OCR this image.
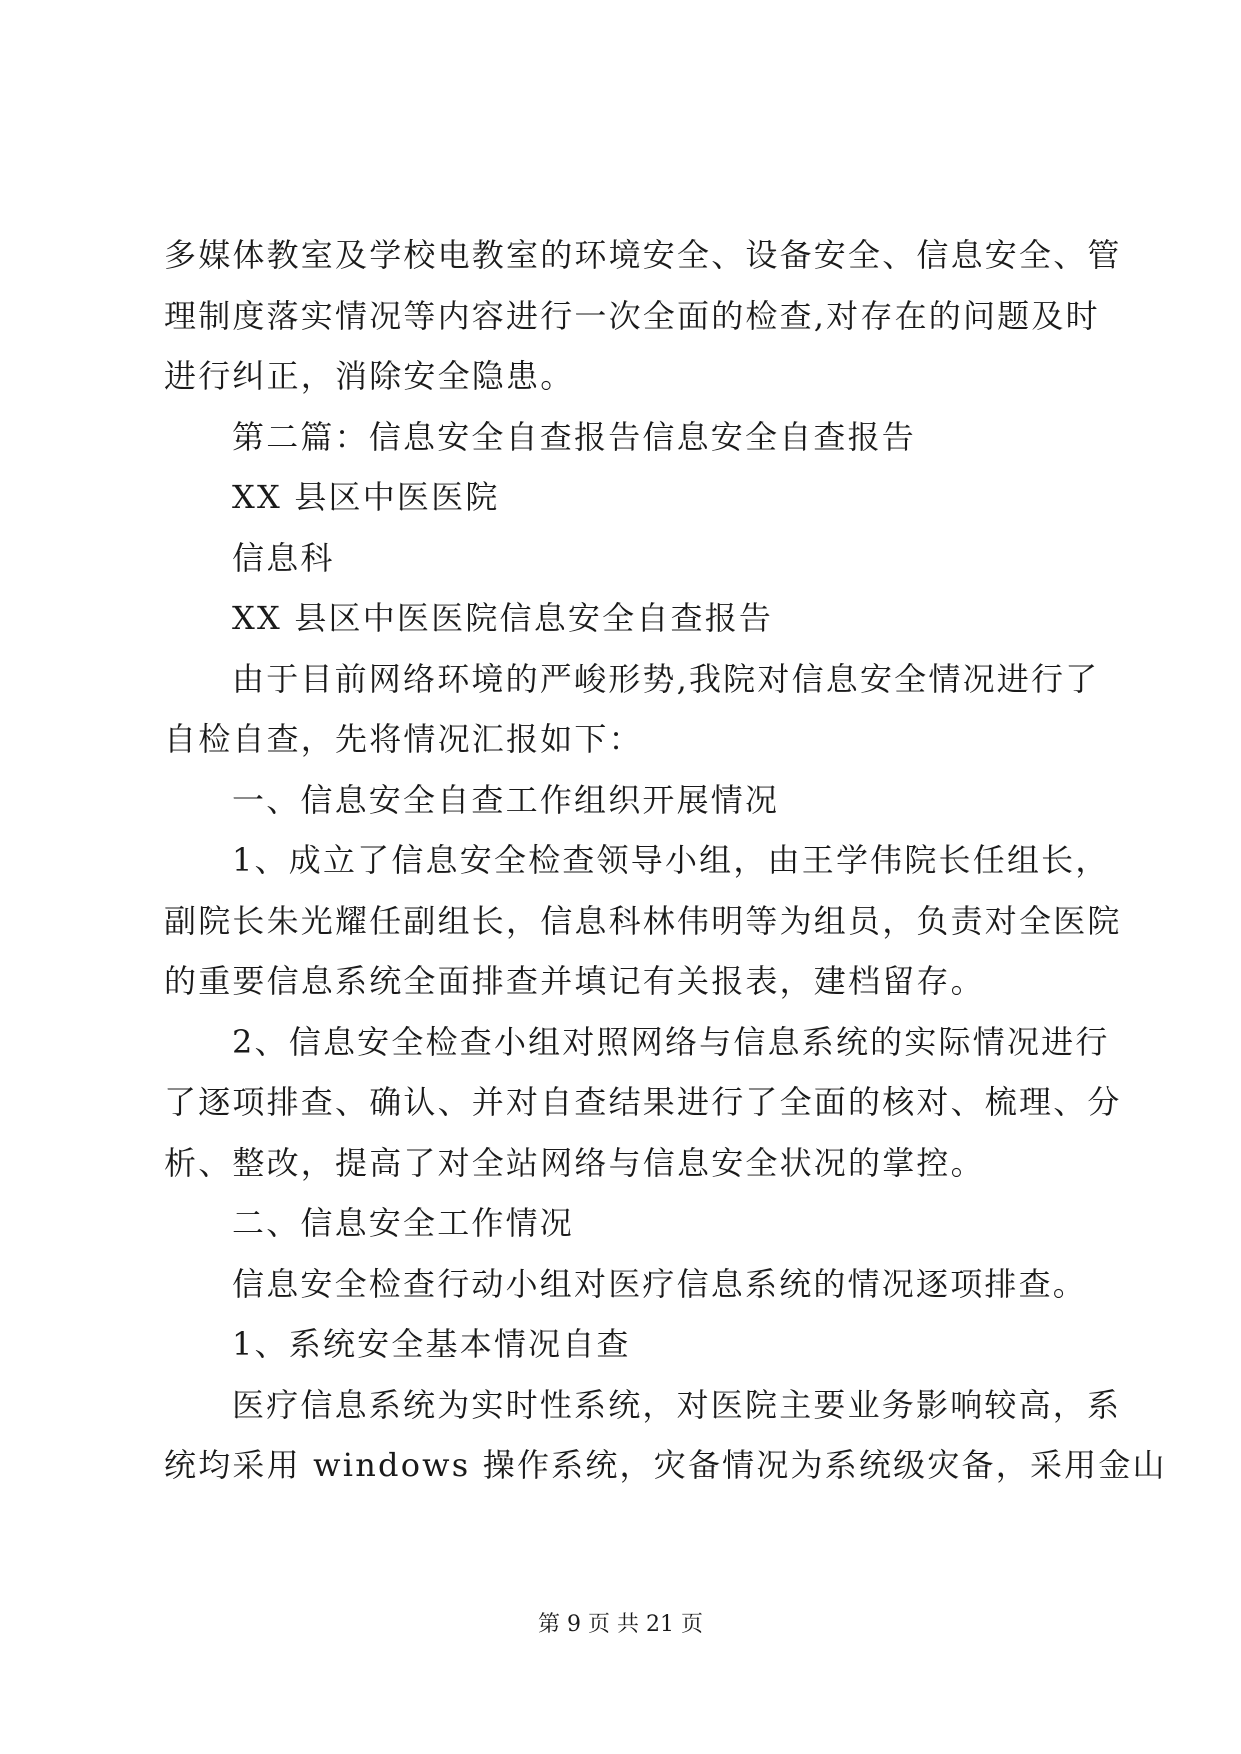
多媒体教室及学校电教室的环境安全、设备安全、信息安全、管
理制度落实情况等内容进行一次全面的检查,对存在的问题及时
进行纠正，消除安全隐患。
第二篇：信息安全自查报告信息安全自查报告
XX 县区中医医院
信息科
XX 县区中医医院信息安全自查报告
由于目前网络环境的严峻形势,我院对信息安全情况进行了
自检自查，先将情况汇报如下：
一、信息安全自查工作组织开展情况
1、成立了信息安全检查领导小组，由王学伟院长任组长，
副院长朱光耀任副组长，信息科林伟明等为组员，负责对全医院
的重要信息系统全面排查并填记有关报表，建档留存。
2、信息安全检查小组对照网络与信息系统的实际情况进行
了逐项排查、确认、并对自查结果进行了全面的核对、梳理、分
析、整改，提高了对全站网络与信息安全状况的掌控。
二、信息安全工作情况
信息安全检查行动小组对医疗信息系统的情况逐项排查。
1、系统安全基本情况自查
医疗信息系统为实时性系统，对医院主要业务影响较高，系
统均采用 windows 操作系统，灾备情况为系统级灾备，采用金山
第 9 页 共 21 页
